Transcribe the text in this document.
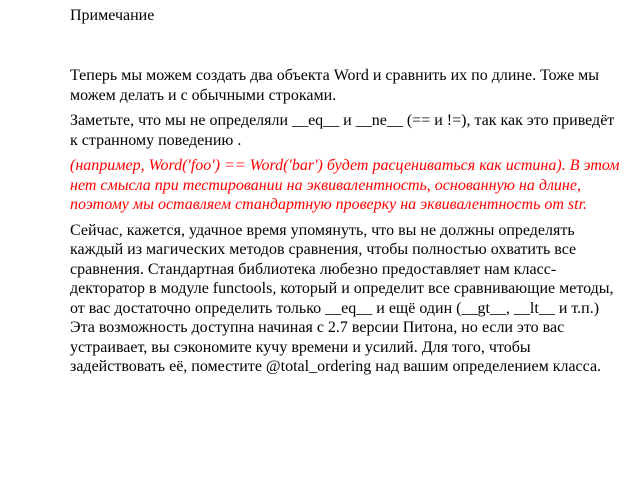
Примечание

Теперь мы можем создать два объекта Word и сравнить их по длине. Тоже мы можем делать и с обычными строками.

Заметьте, что мы не определяли __eq__ и __ne__ (== и !=), так как это приведёт к странному поведению .

(например, Word('foo') == Word('bar') будет расцениваться как истина). В этом нет смысла при тестировании на эквивалентность, основанную на длине, поэтому мы оставляем стандартную проверку на эквивалентность от str.

Сейчас, кажется, удачное время упомянуть, что вы не должны определять каждый из магических методов сравнения, чтобы полностью охватить все сравнения. Стандартная библиотека любезно предоставляет нам класс-декторатор в модуле functools, который и определит все сравнивающие методы, от вас достаточно определить только __eq__ и ещё один (__gt__, __lt__ и т.п.) Эта возможность доступна начиная с 2.7 версии Питона, но если это вас устраивает, вы сэкономите кучу времени и усилий. Для того, чтобы задействовать её, поместите @total_ordering над вашим определением класса.
